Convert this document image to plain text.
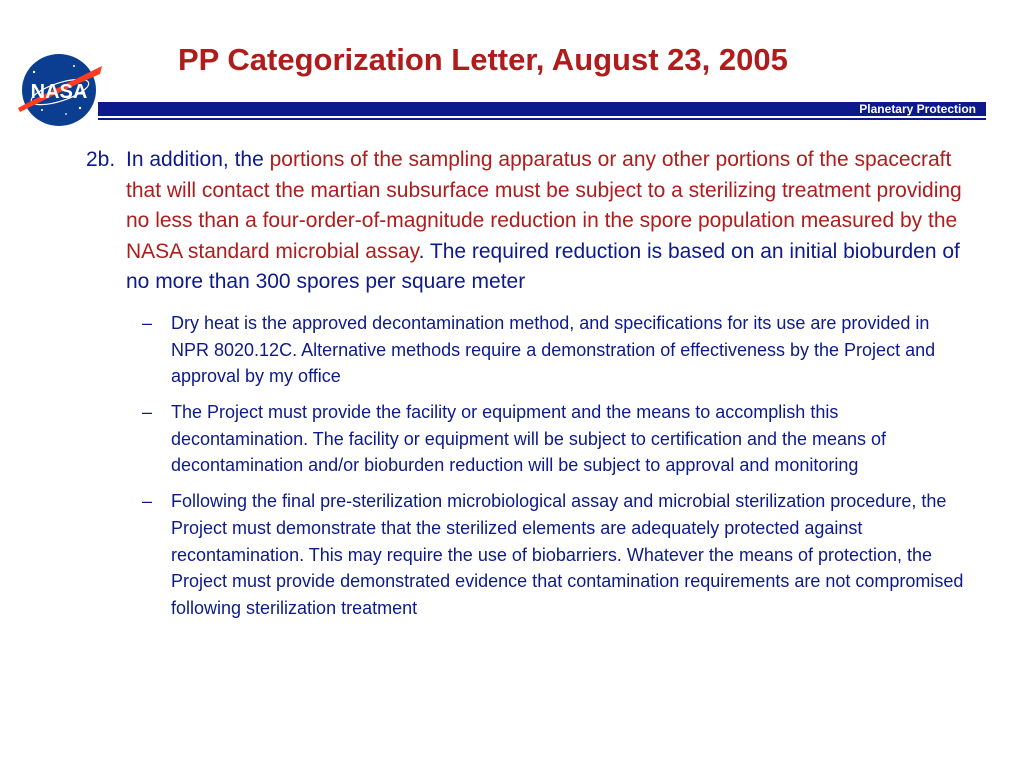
NASA
PP Categorization Letter, August 23, 2005
Planetary Protection
2b. In addition, the portions of the sampling apparatus or any other portions of the spacecraft that will contact the martian subsurface must be subject to a sterilizing treatment providing no less than a four-order-of-magnitude reduction in the spore population measured by the NASA standard microbial assay. The required reduction is based on an initial bioburden of no more than 300 spores per square meter
– Dry heat is the approved decontamination method, and specifications for its use are provided in NPR 8020.12C. Alternative methods require a demonstration of effectiveness by the Project and approval by my office
– The Project must provide the facility or equipment and the means to accomplish this decontamination. The facility or equipment will be subject to certification and the means of decontamination and/or bioburden reduction will be subject to approval and monitoring
– Following the final pre-sterilization microbiological assay and microbial sterilization procedure, the Project must demonstrate that the sterilized elements are adequately protected against recontamination. This may require the use of biobarriers. Whatever the means of protection, the Project must provide demonstrated evidence that contamination requirements are not compromised following sterilization treatment
